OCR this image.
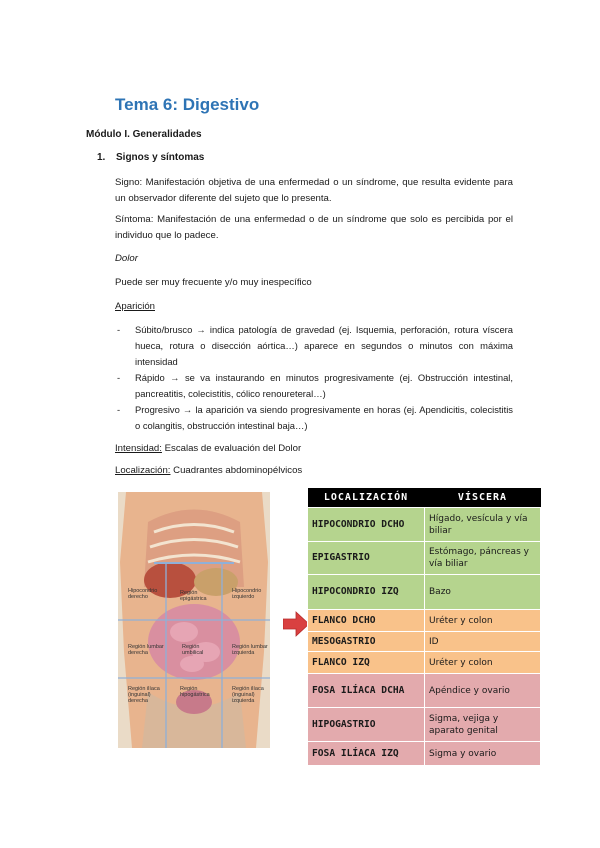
Tema 6: Digestivo
Módulo I. Generalidades
1. Signos y síntomas
Signo: Manifestación objetiva de una enfermedad o un síndrome, que resulta evidente para un observador diferente del sujeto que lo presenta.
Síntoma: Manifestación de una enfermedad o de un síndrome que solo es percibida por el individuo que lo padece.
Dolor
Puede ser muy frecuente y/o muy inespecífico
Aparición
- Súbito/brusco → indica patología de gravedad (ej. Isquemia, perforación, rotura víscera hueca, rotura o disección aórtica…) aparece en segundos o minutos con máxima intensidad
- Rápido → se va instaurando en minutos progresivamente (ej. Obstrucción intestinal, pancreatitis, colecistitis, cólico renoureteral…)
- Progresivo → la aparición va siendo progresivamente en horas (ej. Apendicitis, colecistitis o colangitis, obstrucción intestinal baja…)
Intensidad: Escalas de evaluación del Dolor
Localización: Cuadrantes abdominopélvicos
Hipocondrio derecho
Región epigástrica
Hipocondrio izquierdo
Región lumbar derecha
Región umbilical
Región lumbar izquierda
Región ilíaca (inguinal) derecha
Región hipogástrica
Región ilíaca (inguinal) izquierda
LOCALIZACIÓN	VÍSCERA
HIPOCONDRIO DCHO	Hígado, vesícula y vía biliar
EPIGASTRIO	Estómago, páncreas y vía biliar
HIPOCONDRIO IZQ	Bazo
FLANCO DCHO	Uréter y colon
MESOGASTRIO	ID
FLANCO IZQ	Uréter y colon
FOSA ILÍACA DCHA	Apéndice y ovario
HIPOGASTRIO	Sigma, vejiga y aparato genital
FOSA ILÍACA IZQ	Sigma y ovario
